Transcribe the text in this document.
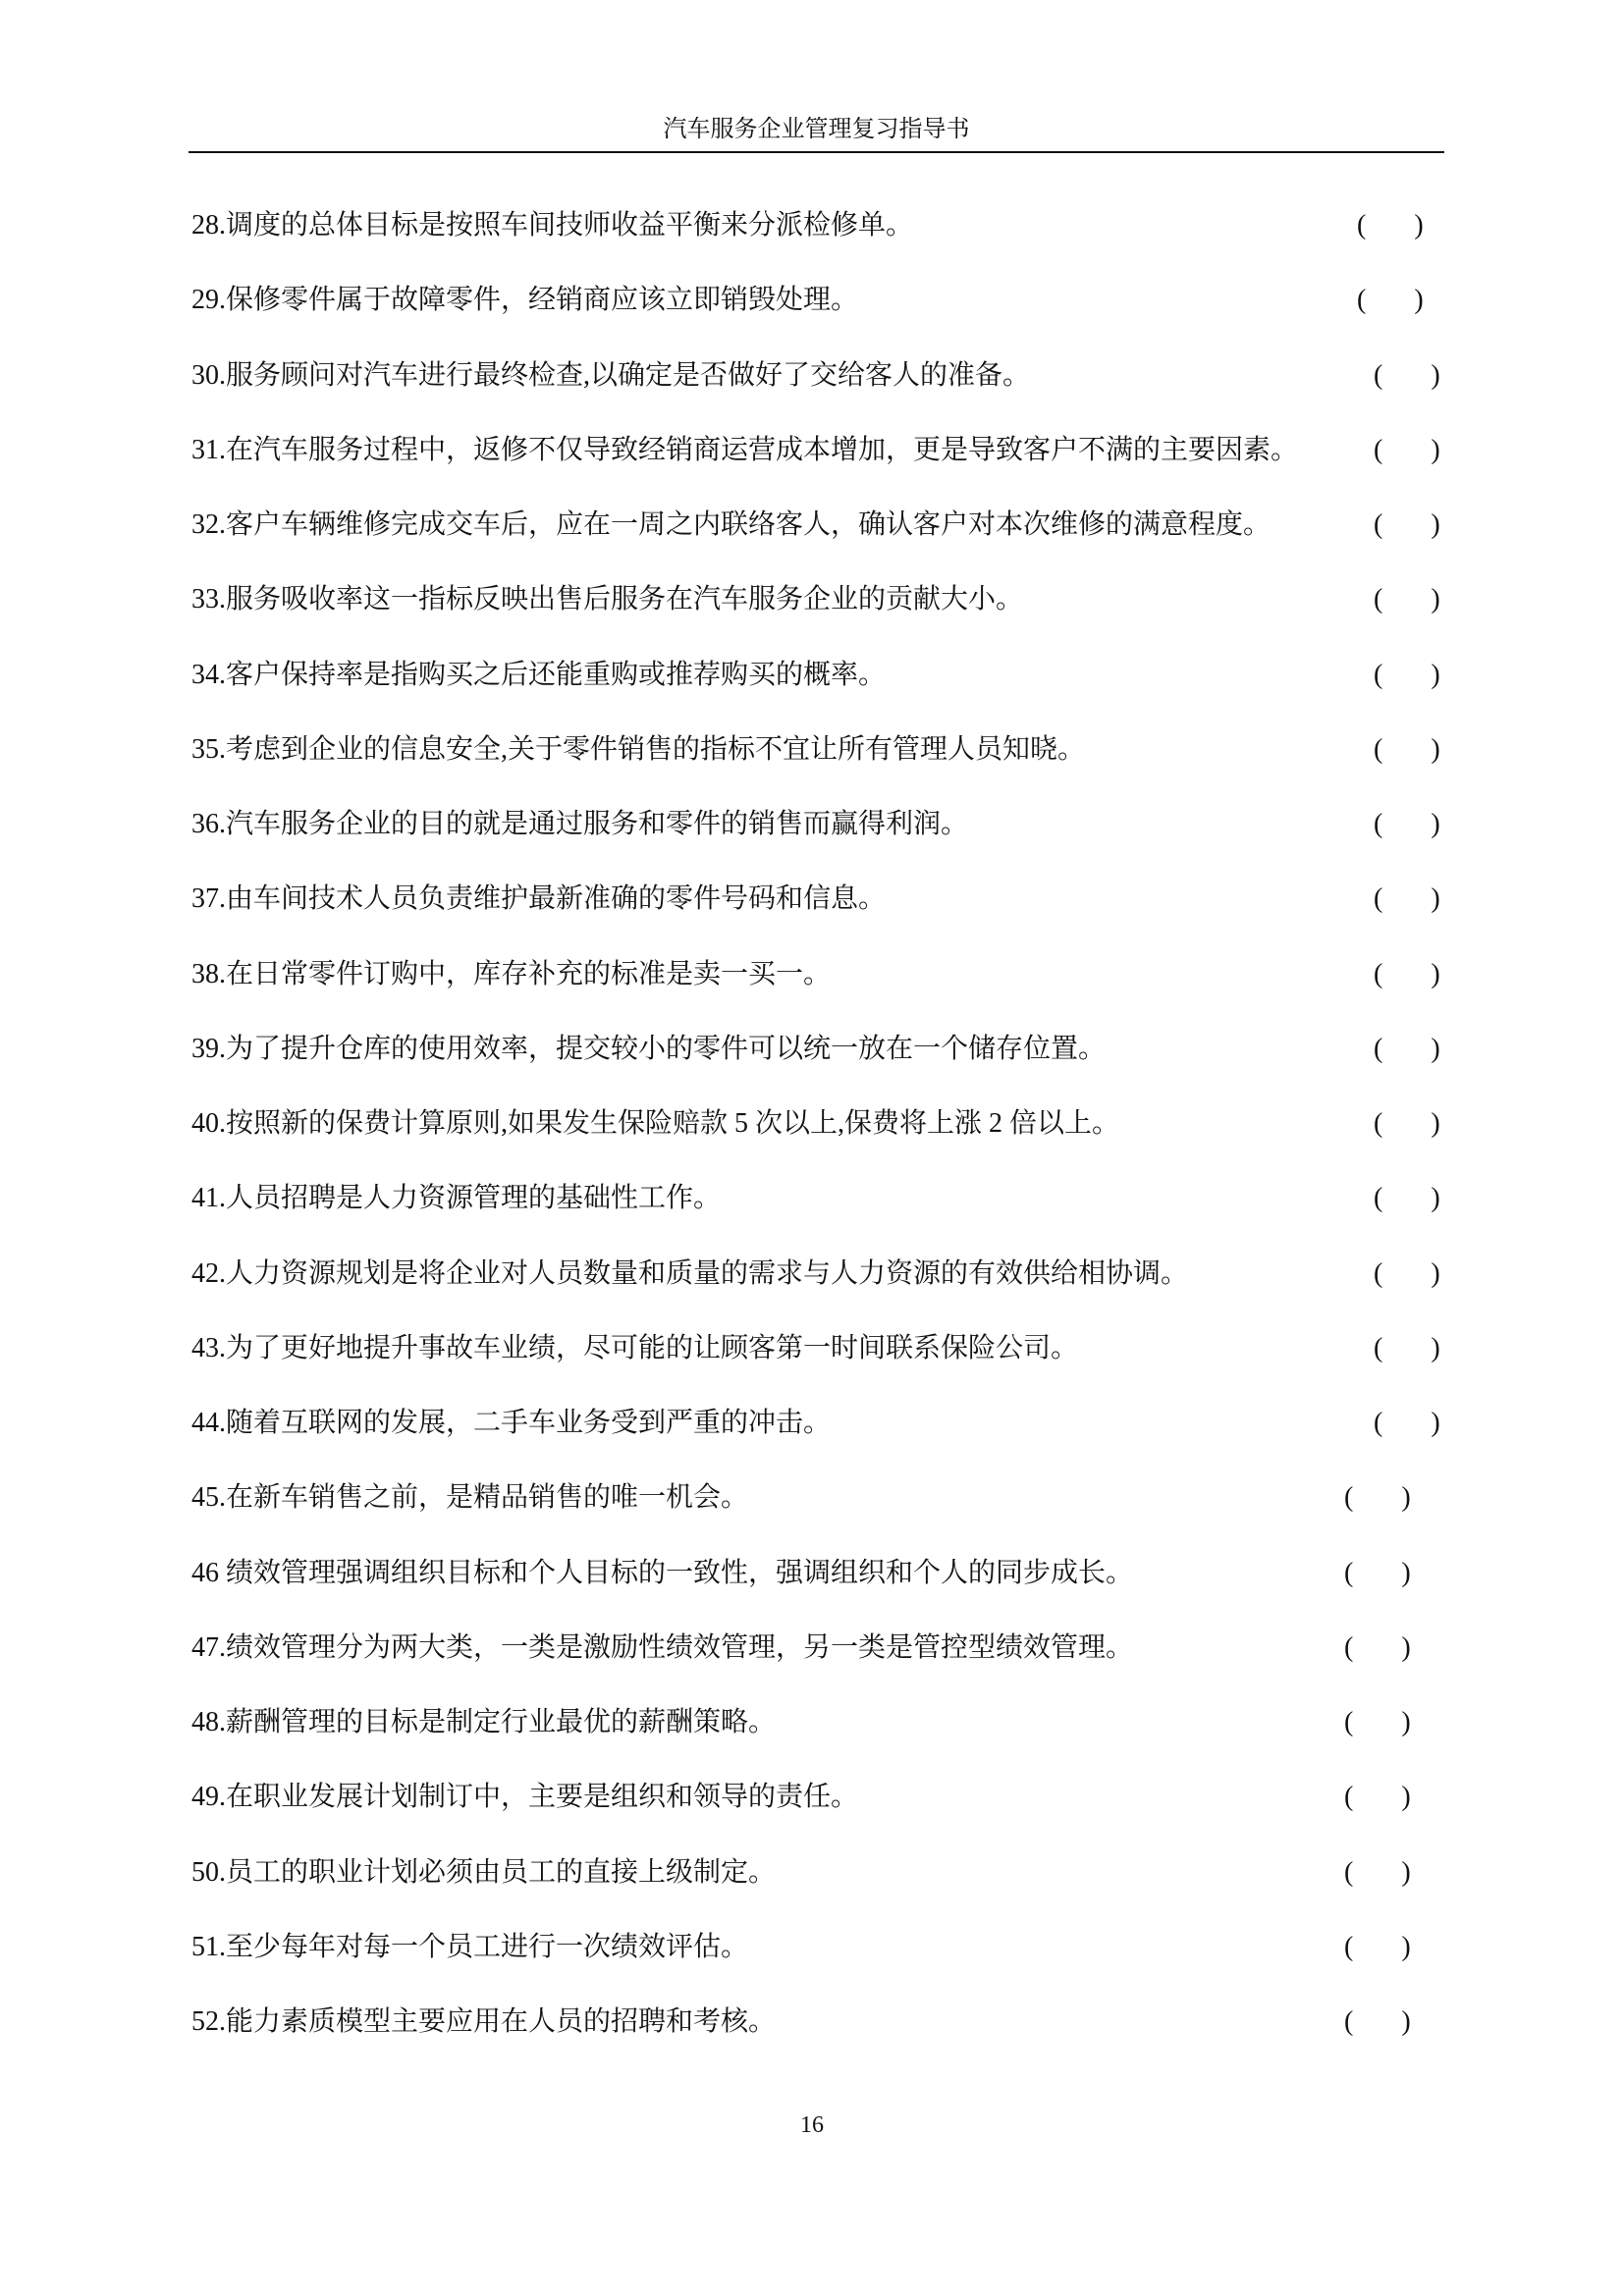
汽车服务企业管理复习指导书
28.调度的总体目标是按照车间技师收益平衡来分派检修单。	(      )
29.保修零件属于故障零件，经销商应该立即销毁处理。	(      )
30.服务顾问对汽车进行最终检查,以确定是否做好了交给客人的准备。	(      )
31.在汽车服务过程中，返修不仅导致经销商运营成本增加，更是导致客户不满的主要因素。	(      )
32.客户车辆维修完成交车后，应在一周之内联络客人，确认客户对本次维修的满意程度。	(      )
33.服务吸收率这一指标反映出售后服务在汽车服务企业的贡献大小。	(      )
34.客户保持率是指购买之后还能重购或推荐购买的概率。	(      )
35.考虑到企业的信息安全,关于零件销售的指标不宜让所有管理人员知晓。	(      )
36.汽车服务企业的目的就是通过服务和零件的销售而赢得利润。	(      )
37.由车间技术人员负责维护最新准确的零件号码和信息。	(      )
38.在日常零件订购中，库存补充的标准是卖一买一。	(      )
39.为了提升仓库的使用效率，提交较小的零件可以统一放在一个储存位置。	(      )
40.按照新的保费计算原则,如果发生保险赔款 5 次以上,保费将上涨 2 倍以上。	(      )
41.人员招聘是人力资源管理的基础性工作。	(      )
42.人力资源规划是将企业对人员数量和质量的需求与人力资源的有效供给相协调。	(      )
43.为了更好地提升事故车业绩，尽可能的让顾客第一时间联系保险公司。	(      )
44.随着互联网的发展，二手车业务受到严重的冲击。	(      )
45.在新车销售之前，是精品销售的唯一机会。	(      )
46 绩效管理强调组织目标和个人目标的一致性，强调组织和个人的同步成长。	(      )
47.绩效管理分为两大类，一类是激励性绩效管理，另一类是管控型绩效管理。	(      )
48.薪酬管理的目标是制定行业最优的薪酬策略。	(      )
49.在职业发展计划制订中，主要是组织和领导的责任。	(      )
50.员工的职业计划必须由员工的直接上级制定。	(      )
51.至少每年对每一个员工进行一次绩效评估。	(      )
52.能力素质模型主要应用在人员的招聘和考核。	(      )
16
